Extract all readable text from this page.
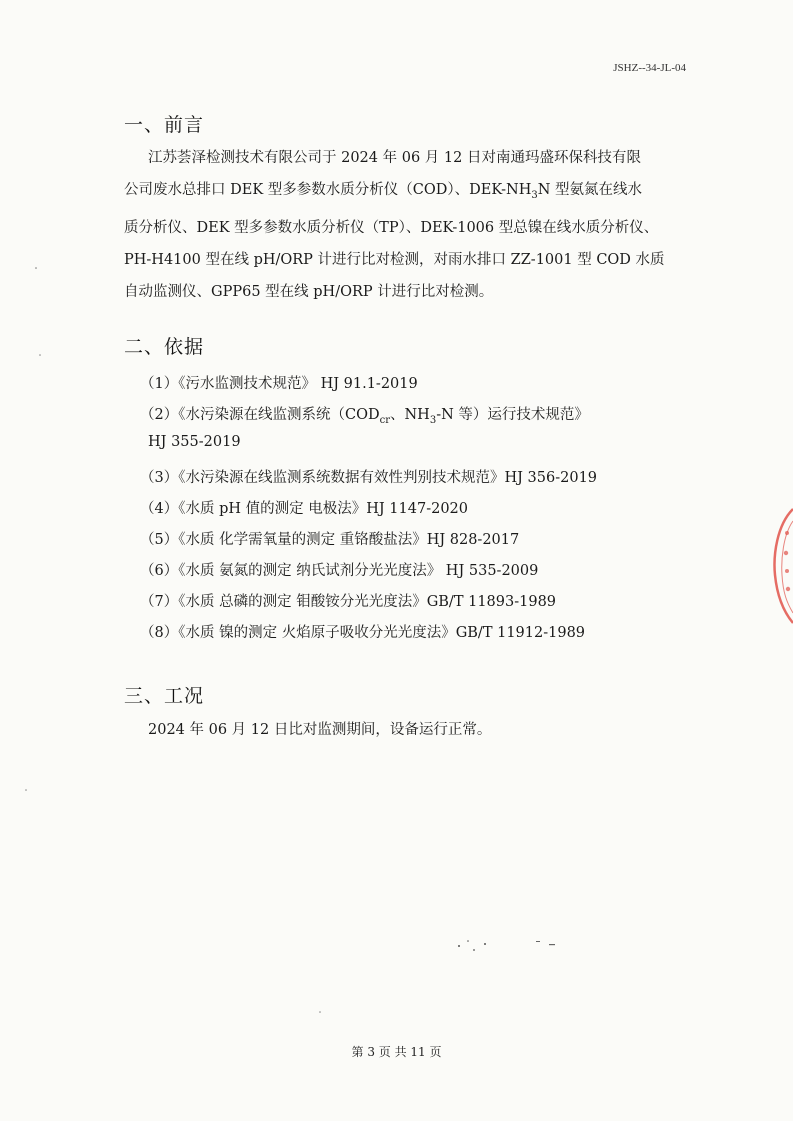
JSHZ--34-JL-04
一、前言
江苏荟泽检测技术有限公司于 2024 年 06 月 12 日对南通玛盛环保科技有限
公司废水总排口 DEK 型多参数水质分析仪（COD）、DEK-$NH_3N$ 型氨氮在线水
质分析仪、DEK 型多参数水质分析仪（TP）、DEK-1006 型总镍在线水质分析仪、
PH-H4100 型在线 pH/ORP 计进行比对检测，对雨水排口 ZZ-1001 型 COD 水质
自动监测仪、GPP65 型在线 pH/ORP 计进行比对检测。
二、依据
（1）《污水监测技术规范》 HJ 91.1-2019
（2）《水污染源在线监测系统（$COD_{cr}$、$NH_3-N$ 等）运行技术规范》
HJ 355-2019
（3）《水污染源在线监测系统数据有效性判别技术规范》HJ 356-2019
（4）《水质 pH 值的测定 电极法》HJ 1147-2020
（5）《水质 化学需氧量的测定 重铬酸盐法》HJ 828-2017
（6）《水质 氨氮的测定 纳氏试剂分光光度法》 HJ 535-2009
（7）《水质 总磷的测定 钼酸铵分光光度法》GB/T 11893-1989
（8）《水质 镍的测定 火焰原子吸收分光光度法》GB/T 11912-1989
三、工况
2024 年 06 月 12 日比对监测期间，设备运行正常。
第 3 页 共 11 页
